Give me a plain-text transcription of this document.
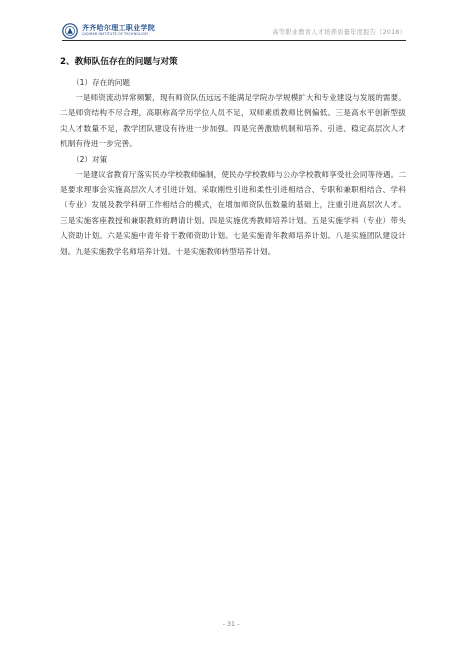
齐齐哈尔理工职业学院
QIQIHAR INSTITUTE OF TECHNOLOGY	高等职业教育人才培养质量年度报告（2018）
2、教师队伍存在的问题与对策
（1）存在的问题

一是师资流动异常频繁，现有师资队伍远远不能满足学院办学规模扩大和专业建设与发展的需要。二是师资结构不尽合理，高职称高学历学位人员不足，双师素质教师比例偏低。三是高水平创新型拔尖人才数量不足，教学团队建设有待进一步加强。四是完善激励机制和培养、引进、稳定高层次人才机制有待进一步完善。

（2）对策

一是建议省教育厅落实民办学校教师编制，使民办学校教师与公办学校教师享受社会同等待遇。二是要求理事会实施高层次人才引进计划。采取刚性引进和柔性引进相结合、专职和兼职相结合、学科（专业）发展及教学科研工作相结合的模式，在增加师资队伍数量的基础上，注重引进高层次人才。三是实施客座教授和兼职教师的聘请计划。四是实施优秀教师培养计划。五是实施学科（专业）带头人资助计划。六是实施中青年骨干教师资助计划。七是实施青年教师培养计划。八是实施团队建设计划。九是实施教学名师培养计划。十是实施教师转型培养计划。

- 31 -
